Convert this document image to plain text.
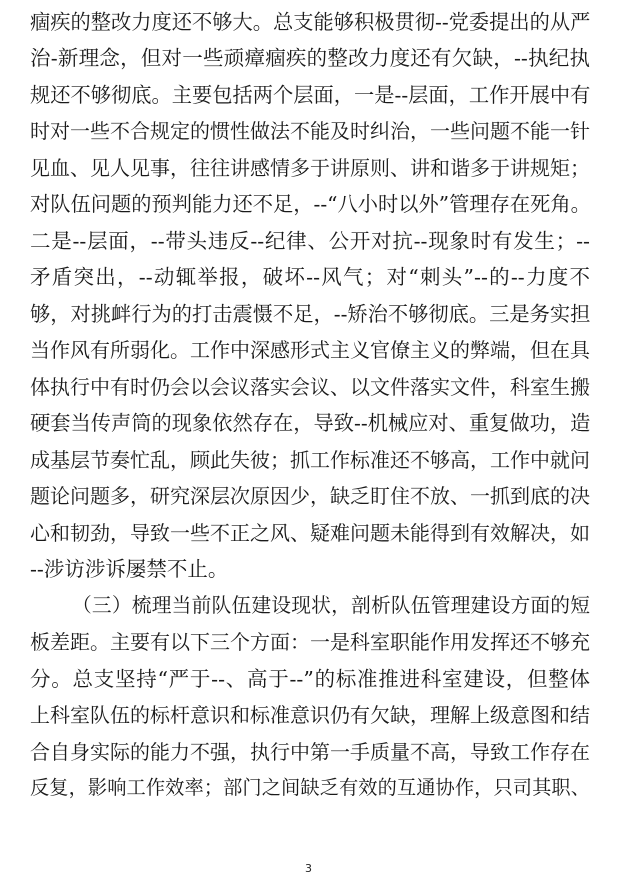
痼疾的整改力度还不够大。总支能够积极贯彻--党委提出的从严
治-新理念，但对一些顽瘴痼疾的整改力度还有欠缺，--执纪执
规还不够彻底。主要包括两个层面，一是--层面，工作开展中有
时对一些不合规定的惯性做法不能及时纠治，一些问题不能一针
见血、见人见事，往往讲感情多于讲原则、讲和谐多于讲规矩；
对队伍问题的预判能力还不足，--“八小时以外”管理存在死角。
二是--层面，--带头违反--纪律、公开对抗--现象时有发生；--
矛盾突出，--动辄举报，破坏--风气；对“刺头”--的--力度不
够，对挑衅行为的打击震慑不足，--矫治不够彻底。三是务实担
当作风有所弱化。工作中深感形式主义官僚主义的弊端，但在具
体执行中有时仍会以会议落实会议、以文件落实文件，科室生搬
硬套当传声筒的现象依然存在，导致--机械应对、重复做功，造
成基层节奏忙乱，顾此失彼；抓工作标准还不够高，工作中就问
题论问题多，研究深层次原因少，缺乏盯住不放、一抓到底的决
心和韧劲，导致一些不正之风、疑难问题未能得到有效解决，如
--涉访涉诉屡禁不止。
（三）梳理当前队伍建设现状，剖析队伍管理建设方面的短
板差距。主要有以下三个方面：一是科室职能作用发挥还不够充
分。总支坚持“严于--、高于--”的标准推进科室建设，但整体
上科室队伍的标杆意识和标准意识仍有欠缺，理解上级意图和结
合自身实际的能力不强，执行中第一手质量不高，导致工作存在
反复，影响工作效率；部门之间缺乏有效的互通协作，只司其职、
3
